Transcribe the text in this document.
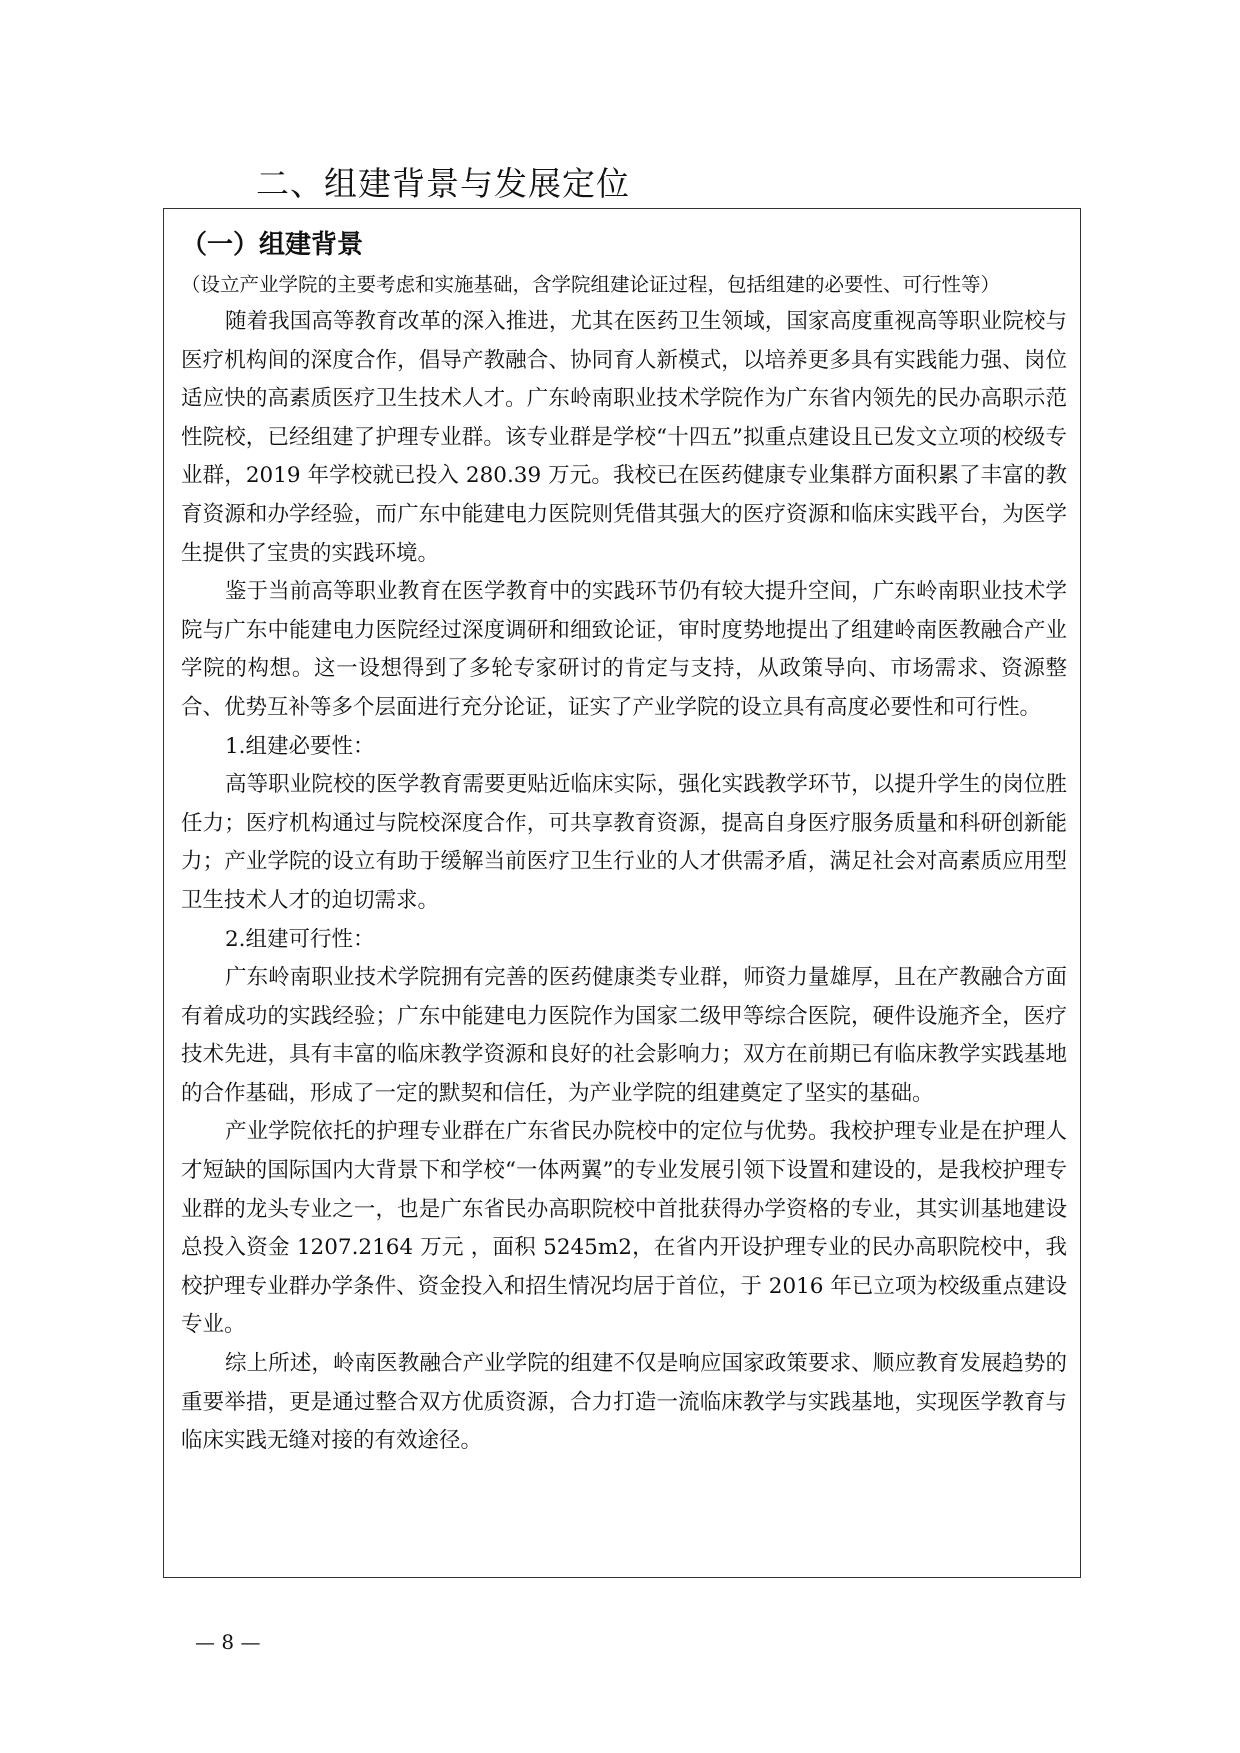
二、组建背景与发展定位
（一）组建背景

（设立产业学院的主要考虑和实施基础，含学院组建论证过程，包括组建的必要性、可行性等）

随着我国高等教育改革的深入推进，尤其在医药卫生领域，国家高度重视高等职业院校与医疗机构间的深度合作，倡导产教融合、协同育人新模式，以培养更多具有实践能力强、岗位适应快的高素质医疗卫生技术人才。广东岭南职业技术学院作为广东省内领先的民办高职示范性院校，已经组建了护理专业群。该专业群是学校“十四五”拟重点建设且已发文立项的校级专业群，2019 年学校就已投入 280.39 万元。我校已在医药健康专业集群方面积累了丰富的教育资源和办学经验，而广东中能建电力医院则凭借其强大的医疗资源和临床实践平台，为医学生提供了宝贵的实践环境。

鉴于当前高等职业教育在医学教育中的实践环节仍有较大提升空间，广东岭南职业技术学院与广东中能建电力医院经过深度调研和细致论证，审时度势地提出了组建岭南医教融合产业学院的构想。这一设想得到了多轮专家研讨的肯定与支持，从政策导向、市场需求、资源整合、优势互补等多个层面进行充分论证，证实了产业学院的设立具有高度必要性和可行性。

1.组建必要性：

高等职业院校的医学教育需要更贴近临床实际，强化实践教学环节，以提升学生的岗位胜任力；医疗机构通过与院校深度合作，可共享教育资源，提高自身医疗服务质量和科研创新能力；产业学院的设立有助于缓解当前医疗卫生行业的人才供需矛盾，满足社会对高素质应用型卫生技术人才的迫切需求。

2.组建可行性：

广东岭南职业技术学院拥有完善的医药健康类专业群，师资力量雄厚，且在产教融合方面有着成功的实践经验；广东中能建电力医院作为国家二级甲等综合医院，硬件设施齐全，医疗技术先进，具有丰富的临床教学资源和良好的社会影响力；双方在前期已有临床教学实践基地的合作基础，形成了一定的默契和信任，为产业学院的组建奠定了坚实的基础。

产业学院依托的护理专业群在广东省民办院校中的定位与优势。我校护理专业是在护理人才短缺的国际国内大背景下和学校“一体两翼”的专业发展引领下设置和建设的，是我校护理专业群的龙头专业之一，也是广东省民办高职院校中首批获得办学资格的专业，其实训基地建设总投入资金 1207.2164 万元 ，面积 5245m2，在省内开设护理专业的民办高职院校中，我校护理专业群办学条件、资金投入和招生情况均居于首位，于 2016 年已立项为校级重点建设专业。

综上所述，岭南医教融合产业学院的组建不仅是响应国家政策要求、顺应教育发展趋势的重要举措，更是通过整合双方优质资源，合力打造一流临床教学与实践基地，实现医学教育与临床实践无缝对接的有效途径。

— 8 —
